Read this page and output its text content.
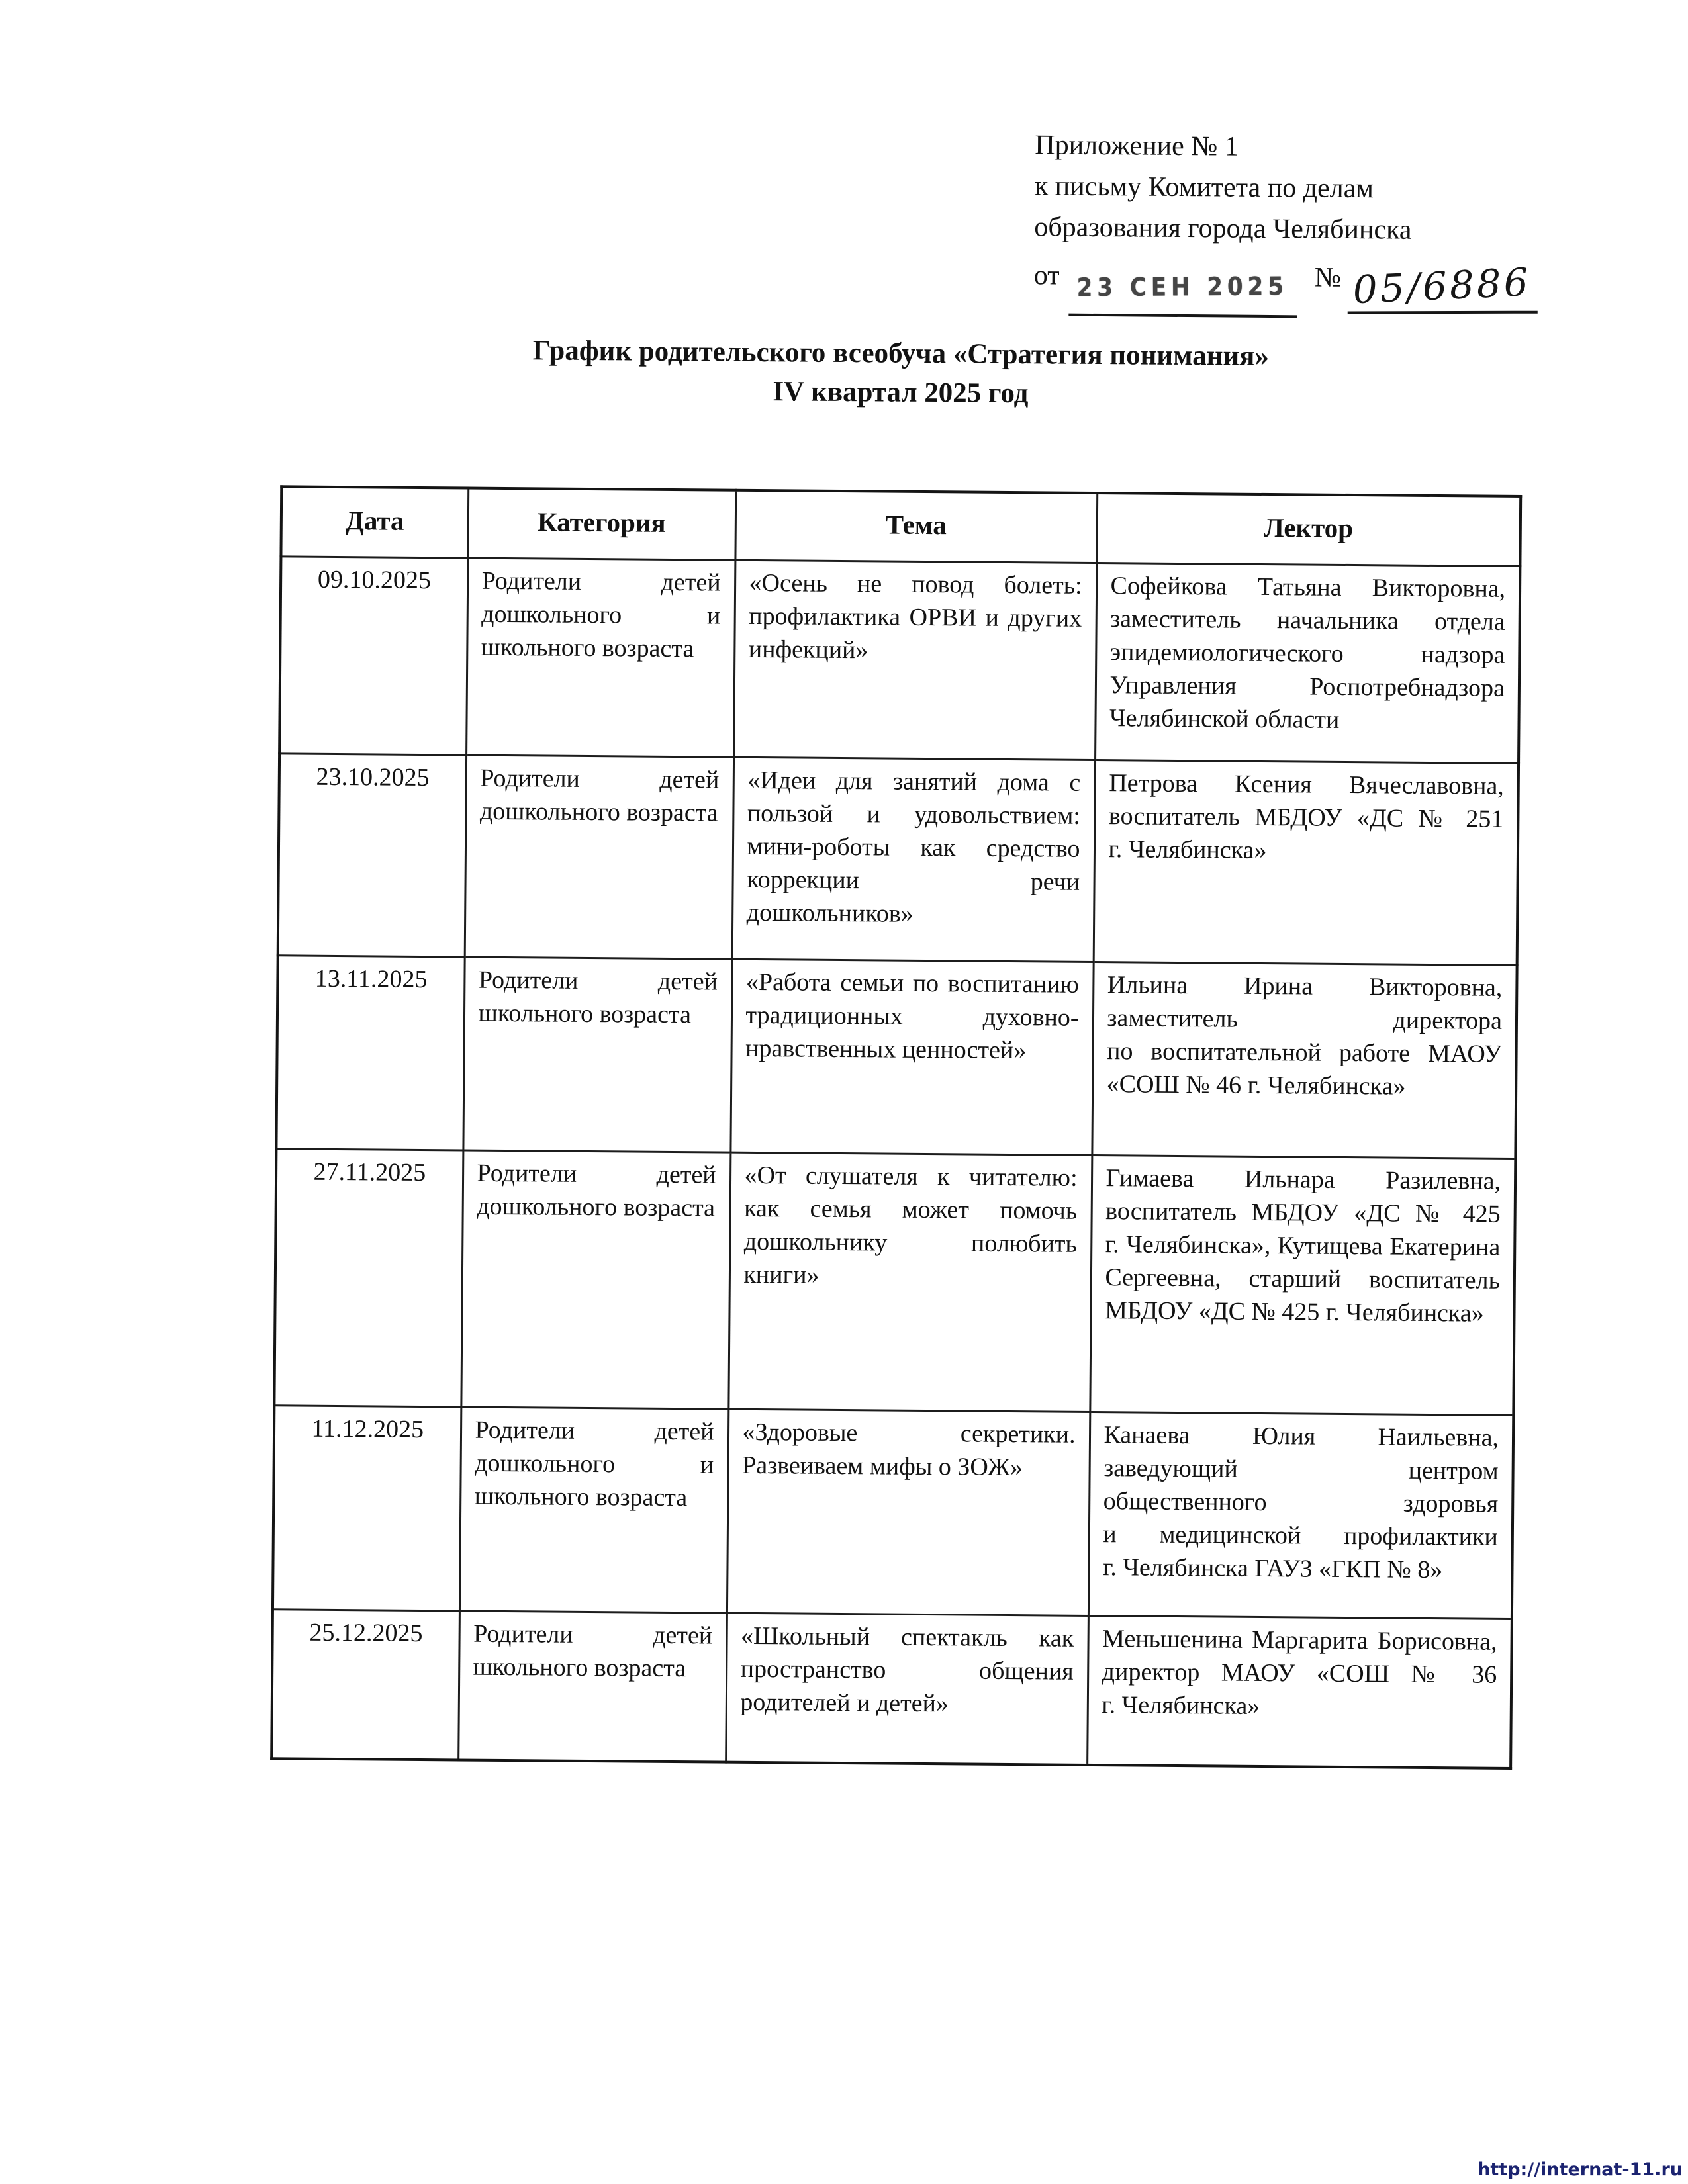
Приложение № 1
к письму Комитета по делам
образования города Челябинска
от 23 СЕН 2025 № 05/6886
График родительского всеобуча «Стратегия понимания»
IV квартал 2025 год
Дата	Категория	Тема	Лектор
09.10.2025	Родители детей дошкольного и школьного возраста	«Осень не повод болеть: профилактика ОРВИ и других инфекций»	Софейкова Татьяна Викторовна, заместитель начальника отдела эпидемиологического надзора Управления Роспотребнадзора Челябинской области
23.10.2025	Родители детей дошкольного возраста	«Идеи для занятий дома с пользой и удовольствием: мини-роботы как средство коррекции речи дошкольников»	Петрова Ксения Вячеславовна, воспитатель МБДОУ «ДС № 251 г. Челябинска»
13.11.2025	Родители детей школьного возраста	«Работа семьи по воспитанию традиционных духовно-нравственных ценностей»	Ильина Ирина Викторовна, заместитель директора по воспитательной работе МАОУ «СОШ № 46 г. Челябинска»
27.11.2025	Родители детей дошкольного возраста	«От слушателя к читателю: как семья может помочь дошкольнику полюбить книги»	Гимаева Ильнара Разилевна, воспитатель МБДОУ «ДС № 425 г. Челябинска», Кутищева Екатерина Сергеевна, старший воспитатель МБДОУ «ДС № 425 г. Челябинска»
11.12.2025	Родители детей дошкольного и школьного возраста	«Здоровые секретики. Развеиваем мифы о ЗОЖ»	Канаева Юлия Наильевна, заведующий центром общественного здоровья и медицинской профилактики г. Челябинска ГАУЗ «ГКП № 8»
25.12.2025	Родители детей школьного возраста	«Школьный спектакль как пространство общения родителей и детей»	Меньшенина Маргарита Борисовна, директор МАОУ «СОШ № 36 г. Челябинска»
http://internat-11.ru
